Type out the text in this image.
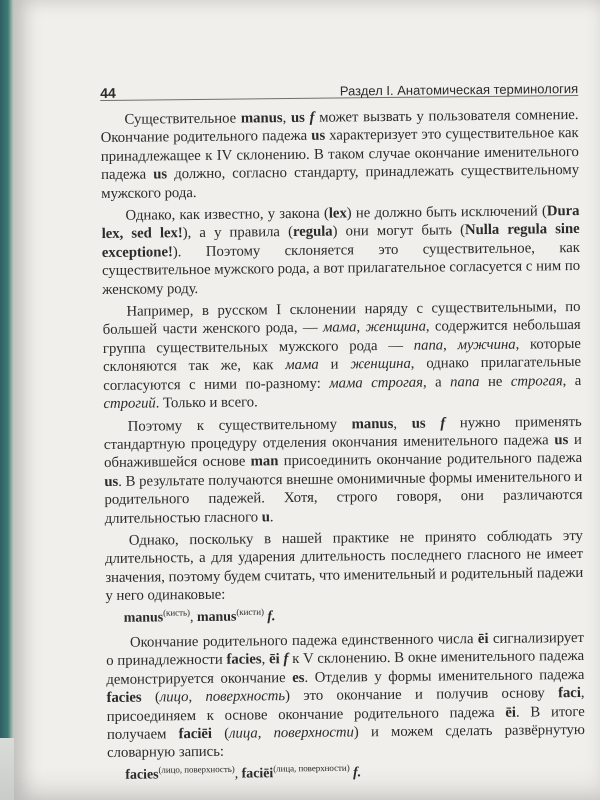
44	Раздел I. Анатомическая терминология

Существительное manus, us f может вызвать у пользователя сомнение. Окончание родительного падежа us характеризует это существительное как принадлежащее к IV склонению. В таком случае окончание именительного падежа us должно, согласно стандарту, принадлежать существительному мужского рода.

Однако, как известно, у закона (lex) не должно быть исключений (Dura lex, sed lex!), а у правила (regula) они могут быть (Nulla regula sine exceptione!). Поэтому склоняется это существительное, как существительное мужского рода, а вот прилагательное согласуется с ним по женскому роду.

Например, в русском I склонении наряду с существительными, по большей части женского рода, — мама, женщина, содержится небольшая группа существительных мужского рода — папа, мужчина, которые склоняются так же, как мама и женщина, однако прилагательные согласуются с ними по-разному: мама строгая, а папа не строгая, а строгий. Только и всего.

Поэтому к существительному manus, us f нужно применять стандартную процедуру отделения окончания именительного падежа us и обнажившейся основе man присоединить окончание родительного падежа us. В результате получаются внешне омонимичные формы именительного и родительного падежей. Хотя, строго говоря, они различаются длительностью гласного u.

Однако, поскольку в нашей практике не принято соблюдать эту длительность, а для ударения длительность последнего гласного не имеет значения, поэтому будем считать, что именительный и родительный падежи у него одинаковые:

manus$^{(кисть)}$, manus$^{(кисти)}$ f.

Окончание родительного падежа единственного числа ēi сигнализирует о принадлежности facies, ēi f к V склонению. В окне именительного падежа демонстрируется окончание es. Отделив у формы именительного падежа facies (лицо, поверхность) это окончание и получив основу faci, присоединяем к основе окончание родительного падежа ēi. В итоге получаем faciēi (лица, поверхности) и можем сделать развёрнутую словарную запись:

facies$^{(лицо, поверхность)}$, faciēi$^{(лица, поверхности)}$ f.
